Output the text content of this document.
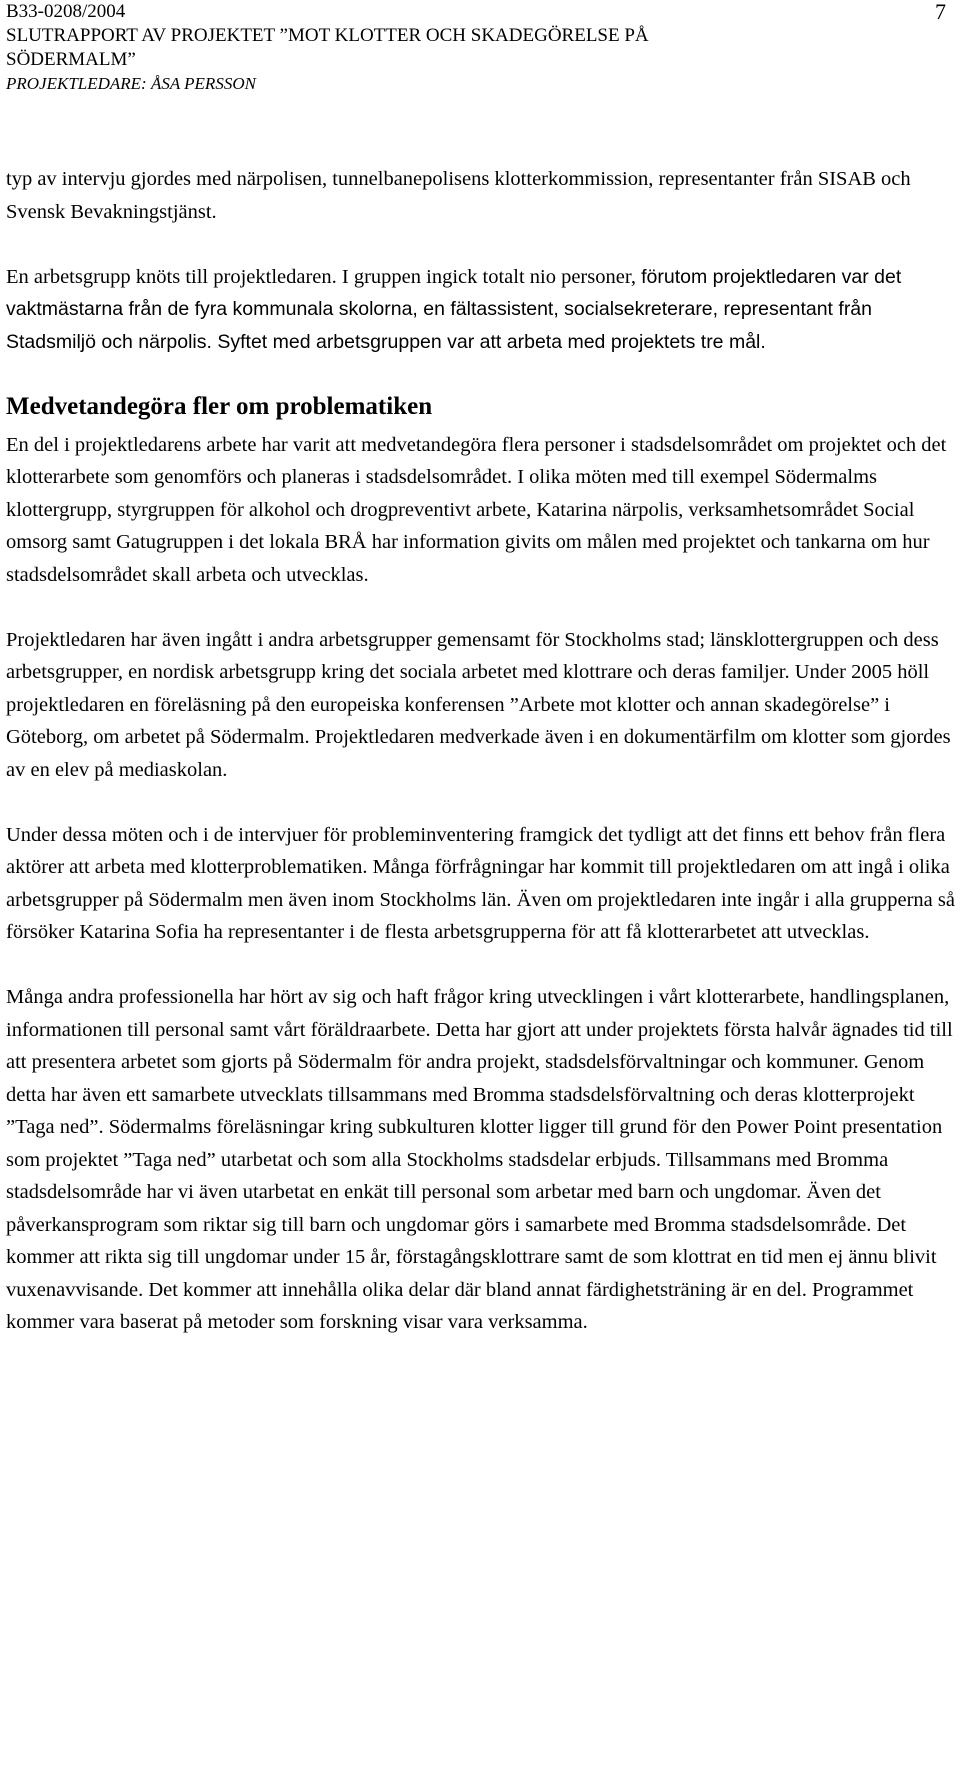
B33-0208/2004
SLUTRAPPORT AV PROJEKTET ”MOT KLOTTER OCH SKADEGÖRELSE PÅ
SÖDERMALM”
PROJEKTLEDARE: ÅSA PERSSON
7

typ av intervju gjordes med närpolisen, tunnelbanepolisens klotterkommission, representanter från SISAB och Svensk Bevakningstjänst.

En arbetsgrupp knöts till projektledaren. I gruppen ingick totalt nio personer, förutom projektledaren var det vaktmästarna från de fyra kommunala skolorna, en fältassistent, socialsekreterare, representant från Stadsmiljö och närpolis. Syftet med arbetsgruppen var att arbeta med projektets tre mål.

Medvetandegöra fler om problematiken

En del i projektledarens arbete har varit att medvetandegöra flera personer i stadsdelsområdet om projektet och det klotterarbete som genomförs och planeras i stadsdelsområdet. I olika möten med till exempel Södermalms klottergrupp, styrgruppen för alkohol och drogpreventivt arbete, Katarina närpolis, verksamhetsområdet Social omsorg samt Gatugruppen i det lokala BRÅ har information givits om målen med projektet och tankarna om hur stadsdelsområdet skall arbeta och utvecklas.

Projektledaren har även ingått i andra arbetsgrupper gemensamt för Stockholms stad; länsklottergruppen och dess arbetsgrupper, en nordisk arbetsgrupp kring det sociala arbetet med klottrare och deras familjer. Under 2005 höll projektledaren en föreläsning på den europeiska konferensen ”Arbete mot klotter och annan skadegörelse” i Göteborg, om arbetet på Södermalm. Projektledaren medverkade även i en dokumentärfilm om klotter som gjordes av en elev på mediaskolan.

Under dessa möten och i de intervjuer för probleminventering framgick det tydligt att det finns ett behov från flera aktörer att arbeta med klotterproblematiken. Många förfrågningar har kommit till projektledaren om att ingå i olika arbetsgrupper på Södermalm men även inom Stockholms län. Även om projektledaren inte ingår i alla grupperna så försöker Katarina Sofia ha representanter i de flesta arbetsgrupperna för att få klotterarbetet att utvecklas.

Många andra professionella har hört av sig och haft frågor kring utvecklingen i vårt klotterarbete, handlingsplanen, informationen till personal samt vårt föräldraarbete. Detta har gjort att under projektets första halvår ägnades tid till att presentera arbetet som gjorts på Södermalm för andra projekt, stadsdelsförvaltningar och kommuner. Genom detta har även ett samarbete utvecklats tillsammans med Bromma stadsdelsförvaltning och deras klotterprojekt ”Taga ned”. Södermalms föreläsningar kring subkulturen klotter ligger till grund för den Power Point presentation som projektet ”Taga ned” utarbetat och som alla Stockholms stadsdelar erbjuds. Tillsammans med Bromma stadsdelsområde har vi även utarbetat en enkät till personal som arbetar med barn och ungdomar. Även det påverkansprogram som riktar sig till barn och ungdomar görs i samarbete med Bromma stadsdelsområde. Det kommer att rikta sig till ungdomar under 15 år, förstagångsklottrare samt de som klottrat en tid men ej ännu blivit vuxenavvisande. Det kommer att innehålla olika delar där bland annat färdighetsträning är en del. Programmet kommer vara baserat på metoder som forskning visar vara verksamma.
